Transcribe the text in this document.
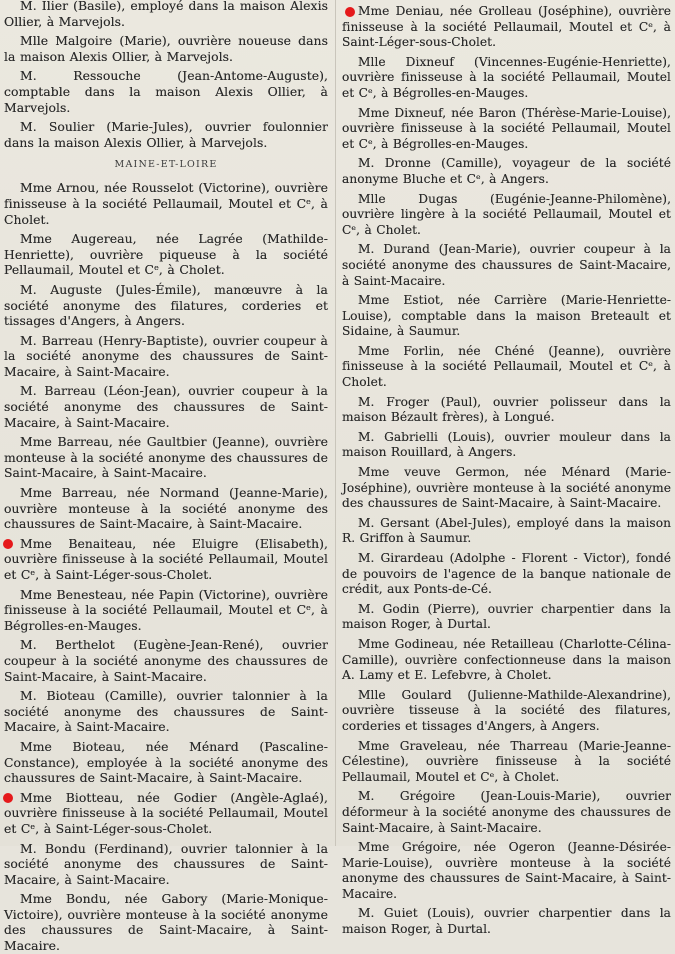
M. Ilier (Basile), employé dans la maison Alexis Ollier, à Marvejols.

Mlle Malgoire (Marie), ouvrière noueuse dans la maison Alexis Ollier, à Marvejols.

M. Ressouche (Jean-Antome-Auguste), comptable dans la maison Alexis Ollier, à Marvejols.

M. Soulier (Marie-Jules), ouvrier foulonnier dans la maison Alexis Ollier, à Marvejols.

MAINE-ET-LOIRE

Mme Arnou, née Rousselot (Victorine), ouvrière finisseuse à la société Pellaumail, Moutel et Cᵉ, à Cholet.

Mme Augereau, née Lagrée (Mathilde-Henriette), ouvrière piqueuse à la société Pellaumail, Moutel et Cᵉ, à Cholet.

M. Auguste (Jules-Émile), manœuvre à la société anonyme des filatures, corderies et tissages d'Angers, à Angers.

M. Barreau (Henry-Baptiste), ouvrier coupeur à la société anonyme des chaussures de Saint-Macaire, à Saint-Macaire.

M. Barreau (Léon-Jean), ouvrier coupeur à la société anonyme des chaussures de Saint-Macaire, à Saint-Macaire.

Mme Barreau, née Gaultbier (Jeanne), ouvrière monteuse à la société anonyme des chaussures de Saint-Macaire, à Saint-Macaire.

Mme Barreau, née Normand (Jeanne-Marie), ouvrière monteuse à la société anonyme des chaussures de Saint-Macaire, à Saint-Macaire.

Mme Benaiteau, née Eluigre (Elisabeth), ouvrière finisseuse à la société Pellaumail, Moutel et Cᵉ, à Saint-Léger-sous-Cholet.

Mme Benesteau, née Papin (Victorine), ouvrière finisseuse à la société Pellaumail, Moutel et Cᵉ, à Bégrolles-en-Mauges.

M. Berthelot (Eugène-Jean-René), ouvrier coupeur à la société anonyme des chaussures de Saint-Macaire, à Saint-Macaire.

M. Bioteau (Camille), ouvrier talonnier à la société anonyme des chaussures de Saint-Macaire, à Saint-Macaire.

Mme Bioteau, née Ménard (Pascaline-Constance), employée à la société anonyme des chaussures de Saint-Macaire, à Saint-Macaire.

Mme Biotteau, née Godier (Angèle-Aglaé), ouvrière finisseuse à la société Pellaumail, Moutel et Cᵉ, à Saint-Léger-sous-Cholet.

M. Bondu (Ferdinand), ouvrier talonnier à la société anonyme des chaussures de Saint-Macaire, à Saint-Macaire.

Mme Bondu, née Gabory (Marie-Monique-Victoire), ouvrière monteuse à la société anonyme des chaussures de Saint-Macaire, à Saint-Macaire.

Mme Deniau, née Grolleau (Joséphine), ouvrière finisseuse à la société Pellaumail, Moutel et Cᵉ, à Saint-Léger-sous-Cholet.

Mlle Dixneuf (Vincennes-Eugénie-Henriette), ouvrière finisseuse à la société Pellaumail, Moutel et Cᵉ, à Bégrolles-en-Mauges.

Mme Dixneuf, née Baron (Thérèse-Marie-Louise), ouvrière finisseuse à la société Pellaumail, Moutel et Cᵉ, à Bégrolles-en-Mauges.

M. Dronne (Camille), voyageur de la société anonyme Bluche et Cᵉ, à Angers.

Mlle Dugas (Eugénie-Jeanne-Philomène), ouvrière lingère à la société Pellaumail, Moutel et Cᵉ, à Cholet.

M. Durand (Jean-Marie), ouvrier coupeur à la société anonyme des chaussures de Saint-Macaire, à Saint-Macaire.

Mme Estiot, née Carrière (Marie-Henriette-Louise), comptable dans la maison Breteault et Sidaine, à Saumur.

Mme Forlin, née Chéné (Jeanne), ouvrière finisseuse à la société Pellaumail, Moutel et Cᵉ, à Cholet.

M. Froger (Paul), ouvrier polisseur dans la maison Bézault frères), à Longué.

M. Gabrielli (Louis), ouvrier mouleur dans la maison Rouillard, à Angers.

Mme veuve Germon, née Ménard (Marie-Joséphine), ouvrière monteuse à la société anonyme des chaussures de Saint-Macaire, à Saint-Macaire.

M. Gersant (Abel-Jules), employé dans la maison R. Griffon à Saumur.

M. Girardeau (Adolphe - Florent - Victor), fondé de pouvoirs de l'agence de la banque nationale de crédit, aux Ponts-de-Cé.

M. Godin (Pierre), ouvrier charpentier dans la maison Roger, à Durtal.

Mme Godineau, née Retailleau (Charlotte-Célina-Camille), ouvrière confectionneuse dans la maison A. Lamy et E. Lefebvre, à Cholet.

Mlle Goulard (Julienne-Mathilde-Alexandrine), ouvrière tisseuse à la société des filatures, corderies et tissages d'Angers, à Angers.

Mme Graveleau, née Tharreau (Marie-Jeanne-Célestine), ouvrière finisseuse à la société Pellaumail, Moutel et Cᵉ, à Cholet.

M. Grégoire (Jean-Louis-Marie), ouvrier déformeur à la société anonyme des chaussures de Saint-Macaire, à Saint-Macaire.

Mme Grégoire, née Ogeron (Jeanne-Désirée-Marie-Louise), ouvrière monteuse à la société anonyme des chaussures de Saint-Macaire, à Saint-Macaire.

M. Guiet (Louis), ouvrier charpentier dans la maison Roger, à Durtal.
